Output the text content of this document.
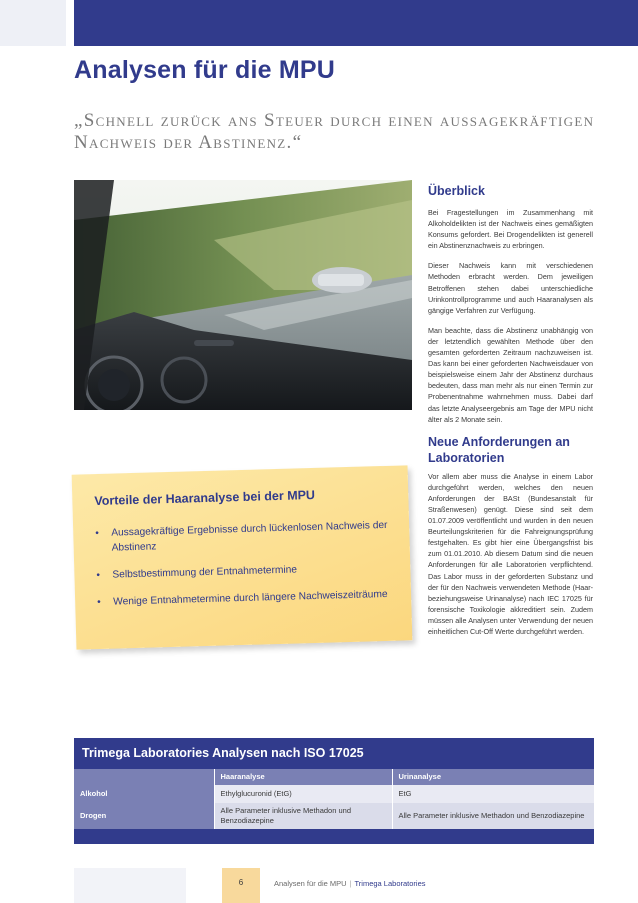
Analysen für die MPU
„Schnell zurück ans Steuer durch einen aussagekräftigen Nachweis der Abstinenz.“
Überblick

Bei Fragestellungen im Zusammenhang mit Alkoholdelikten ist der Nachweis eines gemäßigten Konsums gefordert. Bei Drogendelikten ist generell ein Abstinenznachweis zu erbringen.

Dieser Nachweis kann mit verschiedenen Methoden erbracht werden. Dem jeweiligen Betroffenen stehen dabei unterschiedliche Urinkontrollprogramme und auch Haaranalysen als gängige Verfahren zur Verfügung.

Man beachte, dass die Abstinenz unabhängig von der letztendlich gewählten Methode über den gesamten geforderten Zeitraum nachzuweisen ist. Das kann bei einer geforderten Nachweisdauer von beispielsweise einem Jahr der Abstinenz durchaus bedeuten, dass man mehr als nur einen Termin zur Probenentnahme wahrnehmen muss. Dabei darf das letzte Analyseergebnis am Tage der MPU nicht älter als 2 Monate sein.

Neue Anforderungen an Laboratorien

Vor allem aber muss die Analyse in einem Labor durchgeführt werden, welches den neuen Anforderungen der BASt (Bundesanstalt für Straßenwesen) genügt. Diese sind seit dem 01.07.2009 veröffentlicht und wurden in den neuen Beurteilungskriterien für die Fahreignungsprüfung festgehalten. Es gibt hier eine Übergangsfrist bis zum 01.01.2010. Ab diesem Datum sind die neuen Anforderungen für alle Laboratorien verpflichtend. Das Labor muss in der geforderten Substanz und der für den Nachweis verwendeten Methode (Haar- beziehungsweise Urinanalyse) nach IEC 17025 für forensische Toxikologie akkreditiert sein. Zudem müssen alle Analysen unter Verwendung der neuen einheitlichen Cut-Off Werte durchgeführt werden.

Vorteile der Haaranalyse bei der MPU
• Aussagekräftige Ergebnisse durch lückenlosen Nachweis der Abstinenz
• Selbstbestimmung der Entnahmetermine
• Wenige Entnahmetermine durch längere Nachweiszeiträume
Trimega Laboratories Analysen nach ISO 17025
	Haaranalyse	Urinanalyse
Alkohol	Ethylglucuronid (EtG)	EtG
Drogen	Alle Parameter inklusive Methadon und Benzodiazepine	Alle Parameter inklusive Methadon und Benzodiazepine
6	Analysen für die MPU | Trimega Laboratories
